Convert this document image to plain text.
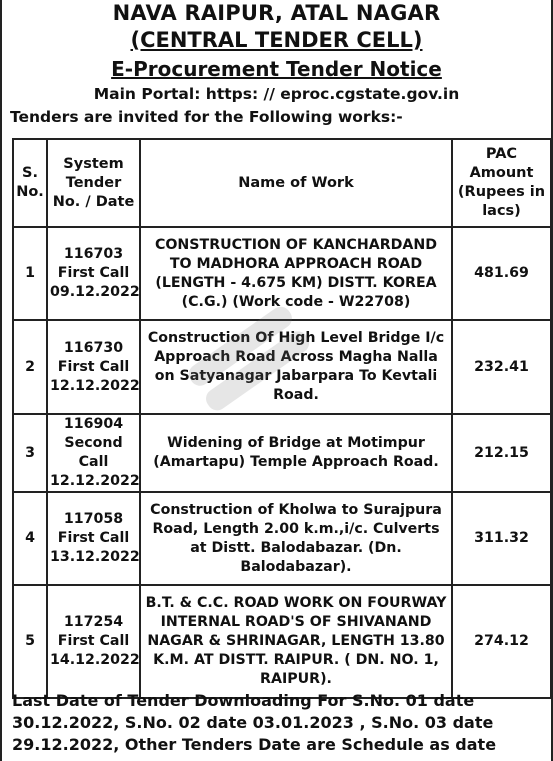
NAVA RAIPUR, ATAL NAGAR
(CENTRAL TENDER CELL)
E-Procurement Tender Notice
Main Portal: https: // eproc.cgstate.gov.in
Tenders are invited for the Following works:-
S. No.	System Tender No. / Date	Name of Work	PAC Amount (Rupees in lacs)
1	116703
First Call
09.12.2022	CONSTRUCTION OF KANCHARDAND TO MADHORA APPROACH ROAD (LENGTH - 4.675 KM) DISTT. KOREA (C.G.) (Work code - W22708)	481.69
2	116730
First Call
12.12.2022	Construction Of High Level Bridge I/c Approach Road Across Magha Nalla on Satyanagar Jabarpara To Kevtali Road.	232.41
3	116904
Second Call
12.12.2022	Widening of Bridge at Motimpur (Amartapu) Temple Approach Road.	212.15
4	117058
First Call
13.12.2022	Construction of Kholwa to Surajpura Road, Length 2.00 k.m.,i/c. Culverts at Distt. Balodabazar. (Dn. Balodabazar).	311.32
5	117254
First Call
14.12.2022	B.T. & C.C. ROAD WORK ON FOURWAY INTERNAL ROAD'S OF SHIVANAND NAGAR & SHRINAGAR, LENGTH 13.80 K.M. AT DISTT. RAIPUR. ( DN. NO. 1, RAIPUR).	274.12
Last Date of Tender Downloading For S.No. 01 date
30.12.2022, S.No. 02 date 03.01.2023 , S.No. 03 date
29.12.2022, Other Tenders Date are Schedule as date
